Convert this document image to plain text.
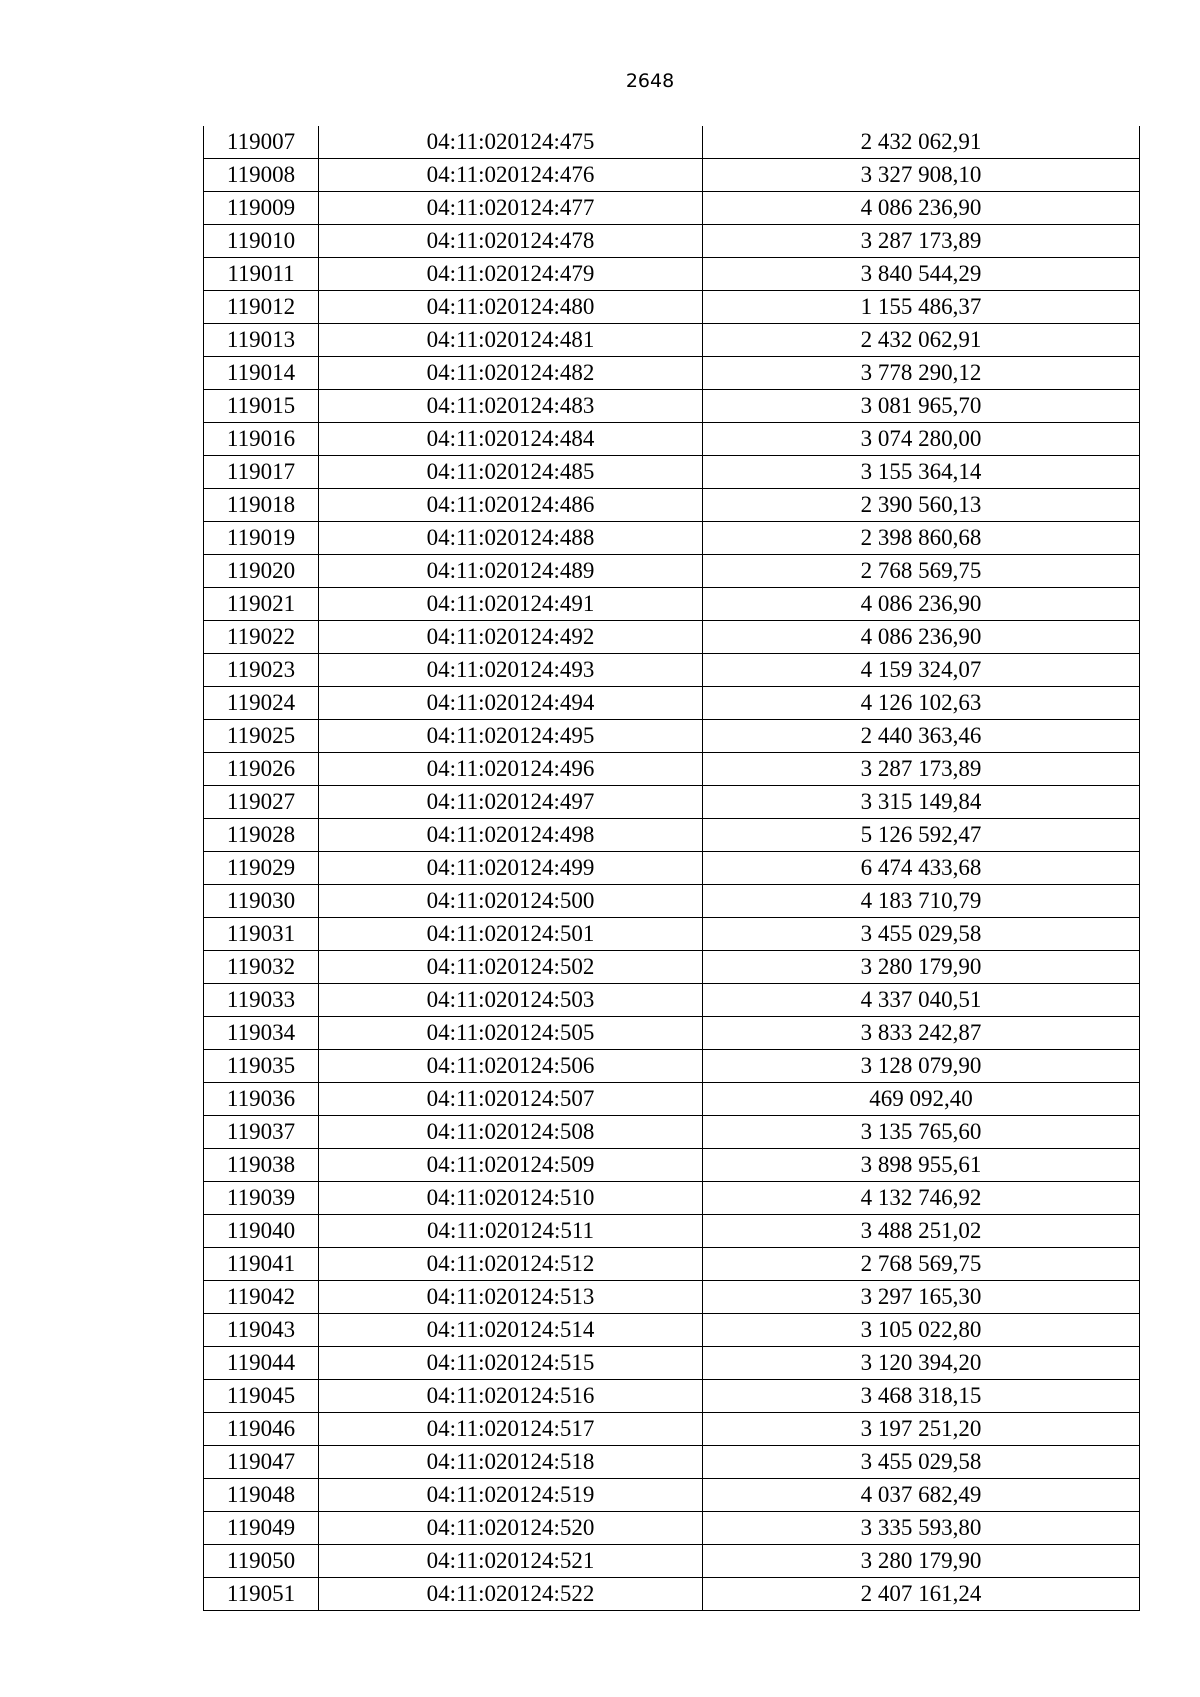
2648
119007	04:11:020124:475	2 432 062,91
119008	04:11:020124:476	3 327 908,10
119009	04:11:020124:477	4 086 236,90
119010	04:11:020124:478	3 287 173,89
119011	04:11:020124:479	3 840 544,29
119012	04:11:020124:480	1 155 486,37
119013	04:11:020124:481	2 432 062,91
119014	04:11:020124:482	3 778 290,12
119015	04:11:020124:483	3 081 965,70
119016	04:11:020124:484	3 074 280,00
119017	04:11:020124:485	3 155 364,14
119018	04:11:020124:486	2 390 560,13
119019	04:11:020124:488	2 398 860,68
119020	04:11:020124:489	2 768 569,75
119021	04:11:020124:491	4 086 236,90
119022	04:11:020124:492	4 086 236,90
119023	04:11:020124:493	4 159 324,07
119024	04:11:020124:494	4 126 102,63
119025	04:11:020124:495	2 440 363,46
119026	04:11:020124:496	3 287 173,89
119027	04:11:020124:497	3 315 149,84
119028	04:11:020124:498	5 126 592,47
119029	04:11:020124:499	6 474 433,68
119030	04:11:020124:500	4 183 710,79
119031	04:11:020124:501	3 455 029,58
119032	04:11:020124:502	3 280 179,90
119033	04:11:020124:503	4 337 040,51
119034	04:11:020124:505	3 833 242,87
119035	04:11:020124:506	3 128 079,90
119036	04:11:020124:507	469 092,40
119037	04:11:020124:508	3 135 765,60
119038	04:11:020124:509	3 898 955,61
119039	04:11:020124:510	4 132 746,92
119040	04:11:020124:511	3 488 251,02
119041	04:11:020124:512	2 768 569,75
119042	04:11:020124:513	3 297 165,30
119043	04:11:020124:514	3 105 022,80
119044	04:11:020124:515	3 120 394,20
119045	04:11:020124:516	3 468 318,15
119046	04:11:020124:517	3 197 251,20
119047	04:11:020124:518	3 455 029,58
119048	04:11:020124:519	4 037 682,49
119049	04:11:020124:520	3 335 593,80
119050	04:11:020124:521	3 280 179,90
119051	04:11:020124:522	2 407 161,24
